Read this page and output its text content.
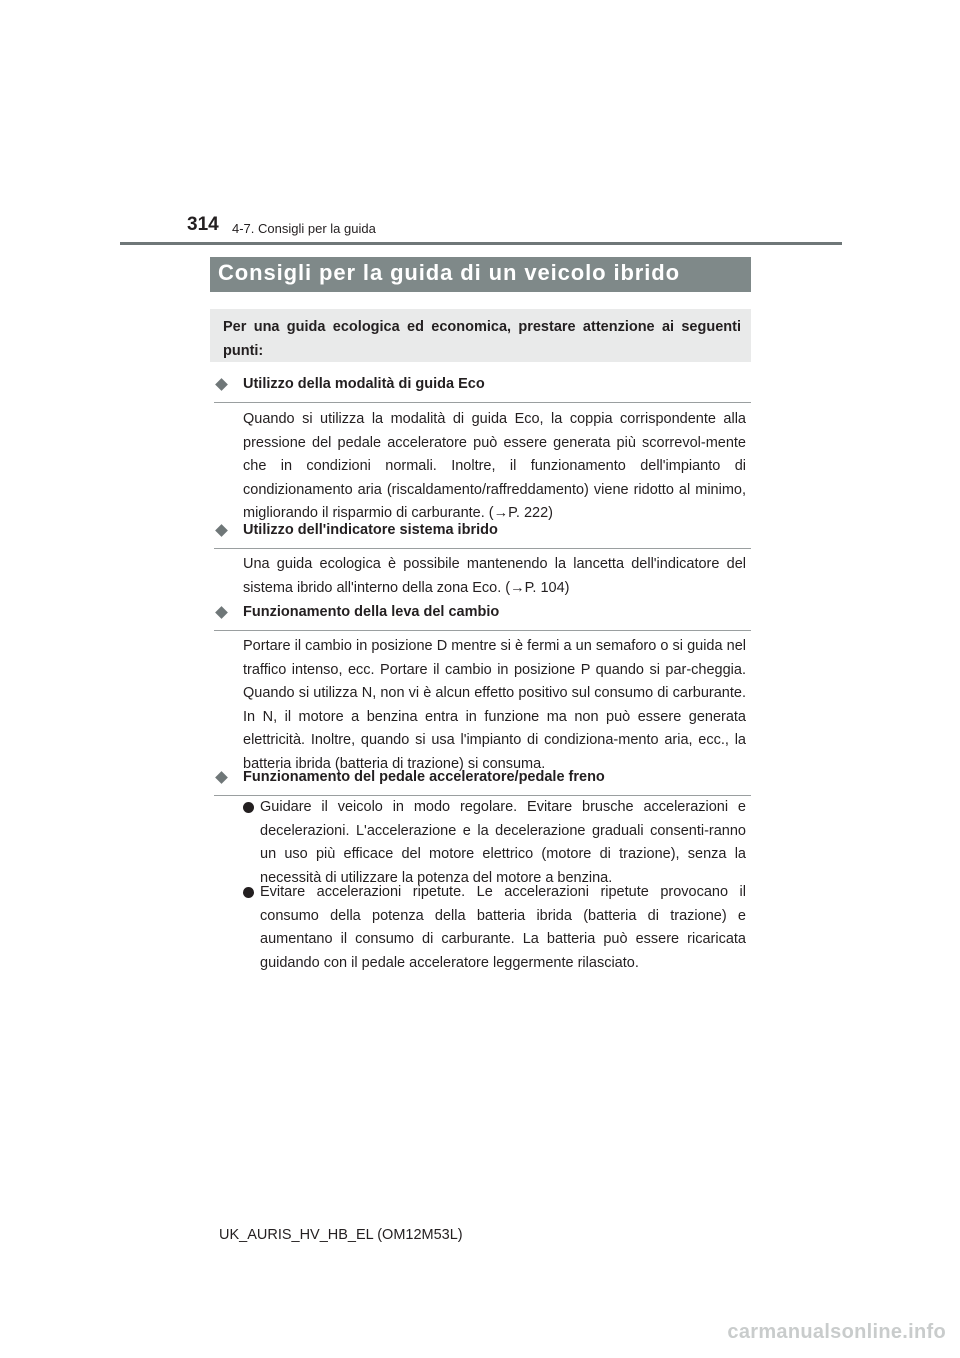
314 4-7. Consigli per la guida
Consigli per la guida di un veicolo ibrido
Per una guida ecologica ed economica, prestare attenzione ai seguenti punti:
Utilizzo della modalità di guida Eco

Quando si utilizza la modalità di guida Eco, la coppia corrispondente alla pressione del pedale acceleratore può essere generata più scorrevol-mente che in condizioni normali. Inoltre, il funzionamento dell'impianto di condizionamento aria (riscaldamento/raffreddamento) viene ridotto al minimo, migliorando il risparmio di carburante. (→P. 222)

Utilizzo dell'indicatore sistema ibrido

Una guida ecologica è possibile mantenendo la lancetta dell'indicatore del sistema ibrido all'interno della zona Eco. (→P. 104)

Funzionamento della leva del cambio

Portare il cambio in posizione D mentre si è fermi a un semaforo o si guida nel traffico intenso, ecc. Portare il cambio in posizione P quando si par-cheggia. Quando si utilizza N, non vi è alcun effetto positivo sul consumo di carburante. In N, il motore a benzina entra in funzione ma non può essere generata elettricità. Inoltre, quando si usa l'impianto di condiziona-mento aria, ecc., la batteria ibrida (batteria di trazione) si consuma.

Funzionamento del pedale acceleratore/pedale freno

Guidare il veicolo in modo regolare. Evitare brusche accelerazioni e decelerazioni. L'accelerazione e la decelerazione graduali consenti-ranno un uso più efficace del motore elettrico (motore di trazione), senza la necessità di utilizzare la potenza del motore a benzina.

Evitare accelerazioni ripetute. Le accelerazioni ripetute provocano il consumo della potenza della batteria ibrida (batteria di trazione) e aumentano il consumo di carburante. La batteria può essere ricaricata guidando con il pedale acceleratore leggermente rilasciato.

UK_AURIS_HV_HB_EL (OM12M53L)
carmanualsonline.info
